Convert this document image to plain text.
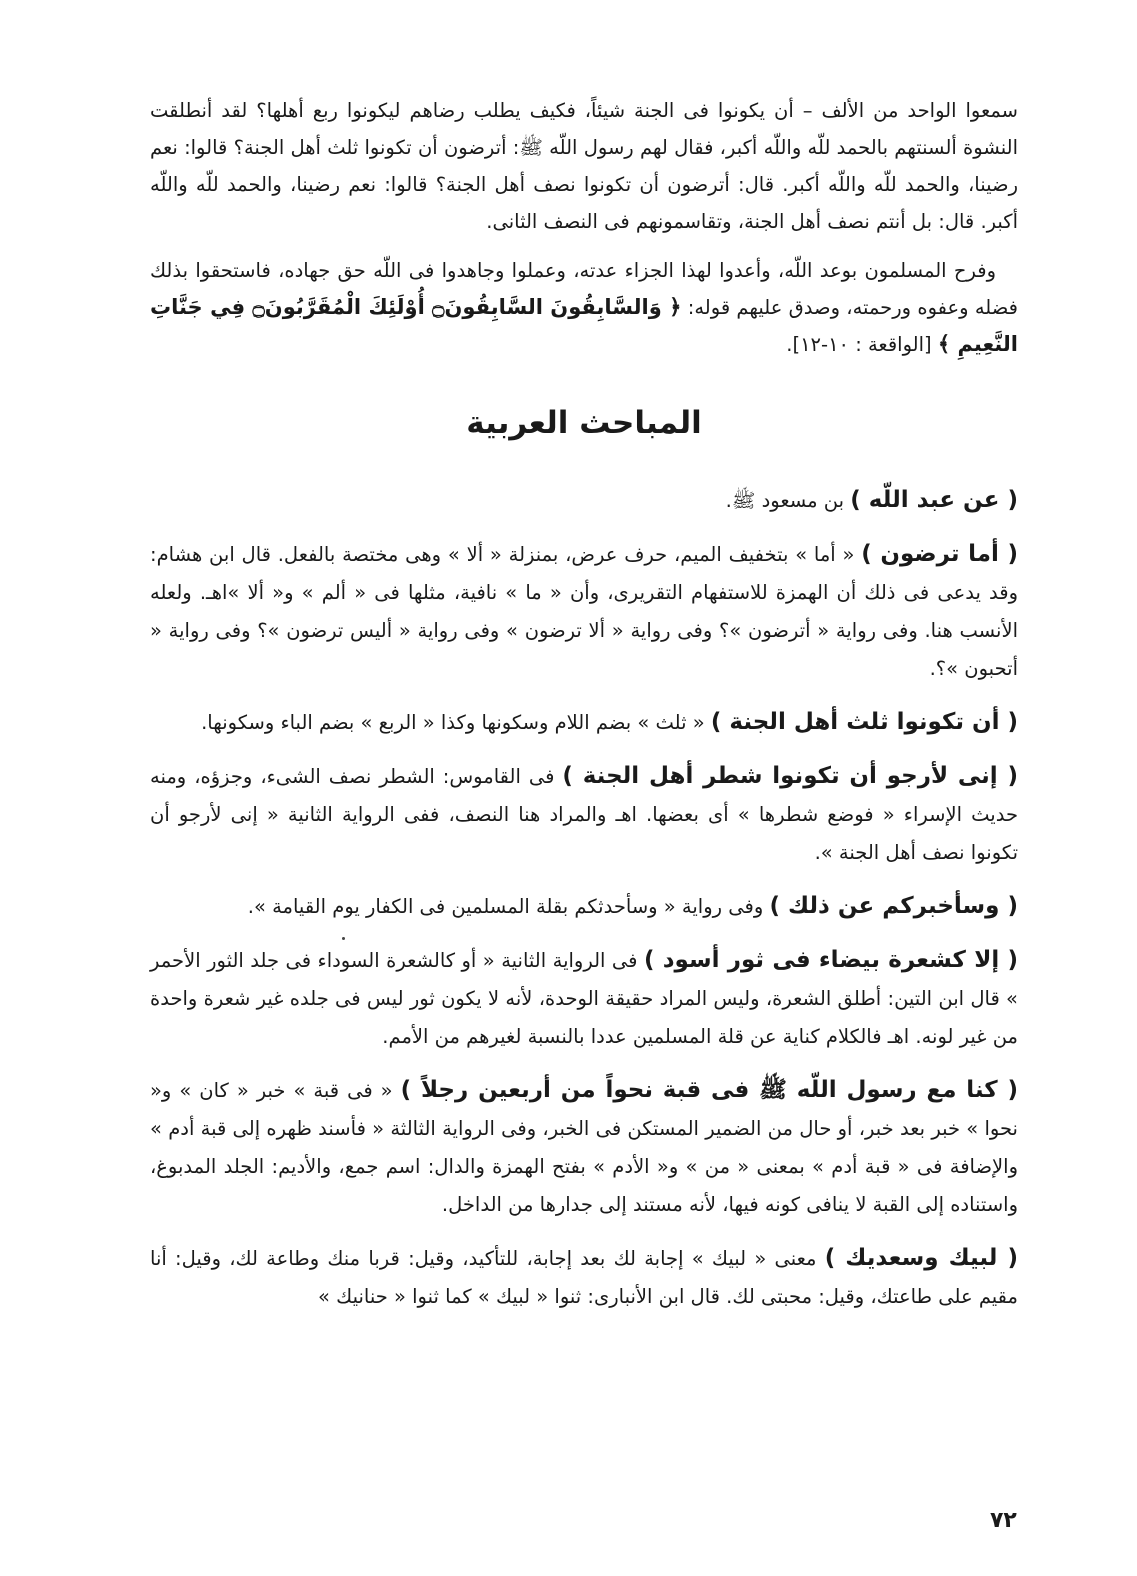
سمعوا الواحد من الألف – أن يكونوا فى الجنة شيئاً، فكيف يطلب رضاهم ليكونوا ربع أهلها؟ لقد أنطلقت النشوة ألسنتهم بالحمد للّه واللّه أكبر، فقال لهم رسول اللّه ﷺ: أترضون أن تكونوا ثلث أهل الجنة؟ قالوا: نعم رضينا، والحمد للّه واللّه أكبر. قال: أترضون أن تكونوا نصف أهل الجنة؟ قالوا: نعم رضينا، والحمد للّه واللّه أكبر. قال: بل أنتم نصف أهل الجنة، وتقاسمونهم فى النصف الثانى.

وفرح المسلمون بوعد اللّه، وأعدوا لهذا الجزاء عدته، وعملوا وجاهدوا فى اللّه حق جهاده، فاستحقوا بذلك فضله وعفوه ورحمته، وصدق عليهم قوله: ﴿ وَالسَّابِقُونَ السَّابِقُونَ۝ أُوْلَئِكَ الْمُقَرَّبُونَ۝ فِي جَنَّاتِ النَّعِيمِ ﴾ [الواقعة : ١٠-١٢].

المباحث العربية

( عن عبد اللّه ) بن مسعود ﷺ.

( أما ترضون ) « أما » بتخفيف الميم، حرف عرض، بمنزلة « ألا » وهى مختصة بالفعل. قال ابن هشام: وقد يدعى فى ذلك أن الهمزة للاستفهام التقريرى، وأن « ما » نافية، مثلها فى « ألم » و« ألا »اهـ. ولعله الأنسب هنا. وفى رواية « أترضون »؟ وفى رواية « ألا ترضون » وفى رواية « أليس ترضون »؟ وفى رواية « أتحبون »؟.

( أن تكونوا ثلث أهل الجنة ) « ثلث » بضم اللام وسكونها وكذا « الربع » بضم الباء وسكونها.

( إنى لأرجو أن تكونوا شطر أهل الجنة ) فى القاموس: الشطر نصف الشىء، وجزؤه، ومنه حديث الإسراء « فوضع شطرها » أى بعضها. اهـ والمراد هنا النصف، ففى الرواية الثانية « إنى لأرجو أن تكونوا نصف أهل الجنة ».

( وسأخبركم عن ذلك ) وفى رواية « وسأحدثكم بقلة المسلمين فى الكفار يوم القيامة ».

( إلا كشعرة بيضاء فى ثور أسود ) فى الرواية الثانية « أو كالشعرة السوداء فى جلد الثور الأحمر » قال ابن التين: أطلق الشعرة، وليس المراد حقيقة الوحدة، لأنه لا يكون ثور ليس فى جلده غير شعرة واحدة من غير لونه. اهـ فالكلام كناية عن قلة المسلمين عددا بالنسبة لغيرهم من الأمم.

( كنا مع رسول اللّه ﷺ فى قبة نحواً من أربعين رجلاً ) « فى قبة » خبر « كان » و« نحوا » خبر بعد خبر، أو حال من الضمير المستكن فى الخبر، وفى الرواية الثالثة « فأسند ظهره إلى قبة أدم » والإضافة فى « قبة أدم » بمعنى « من » و« الأدم » بفتح الهمزة والدال: اسم جمع، والأديم: الجلد المدبوغ، واستناده إلى القبة لا ينافى كونه فيها، لأنه مستند إلى جدارها من الداخل.

( لبيك وسعديك ) معنى « لبيك » إجابة لك بعد إجابة، للتأكيد، وقيل: قربا منك وطاعة لك، وقيل: أنا مقيم على طاعتك، وقيل: محبتى لك. قال ابن الأنبارى: ثنوا « لبيك » كما ثنوا « حنانيك »

٧٢
